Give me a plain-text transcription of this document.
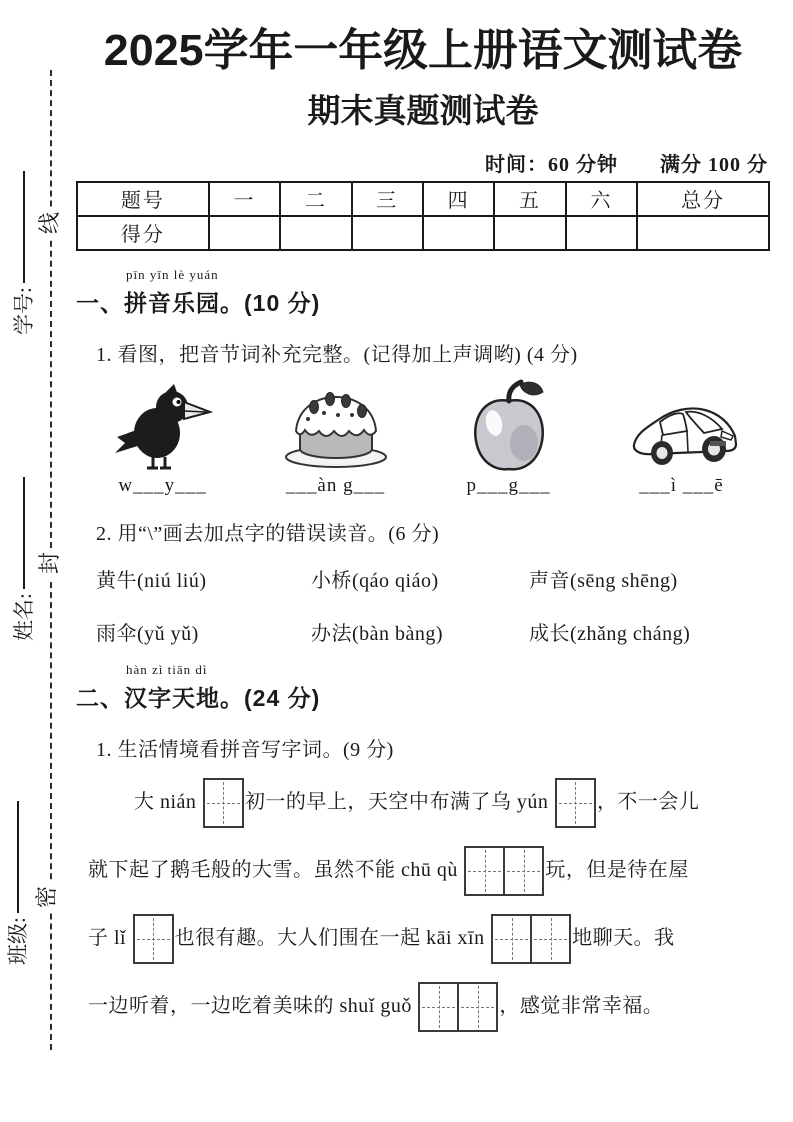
线
封
密
学号:
姓名:
班级:
2025学年一年级上册语文测试卷
期末真题测试卷
时间：60 分钟　　满分 100 分
题号	一	二	三	四	五	六	总分
得分							
pīn yīn lè yuán
一、拼音乐园。(10 分)
1. 看图，把音节词补充完整。(记得加上声调哟) (4 分)
w___y___	___àn g___	p___g___	___ì ___ē
2. 用“\”画去加点字的错误读音。(6 分)
黄牛(niú liú)	小桥(qáo qiáo)	声音(sēng shēng)
雨伞(yǔ yǔ)	办法(bàn bàng)	成长(zhǎng cháng)
hàn zì tiān dì
二、汉字天地。(24 分)
1. 生活情境看拼音写字词。(9 分)
大 nián
初一的早上，天空中布满了乌 yún
，不一会儿
就下起了鹅毛般的大雪。虽然不能 chū qù	玩，但是待在屋
子 lǐ
也很有趣。大人们围在一起 kāi xīn	地聊天。我
一边听着，一边吃着美味的 shuǐ guǒ	，感觉非常幸福。
